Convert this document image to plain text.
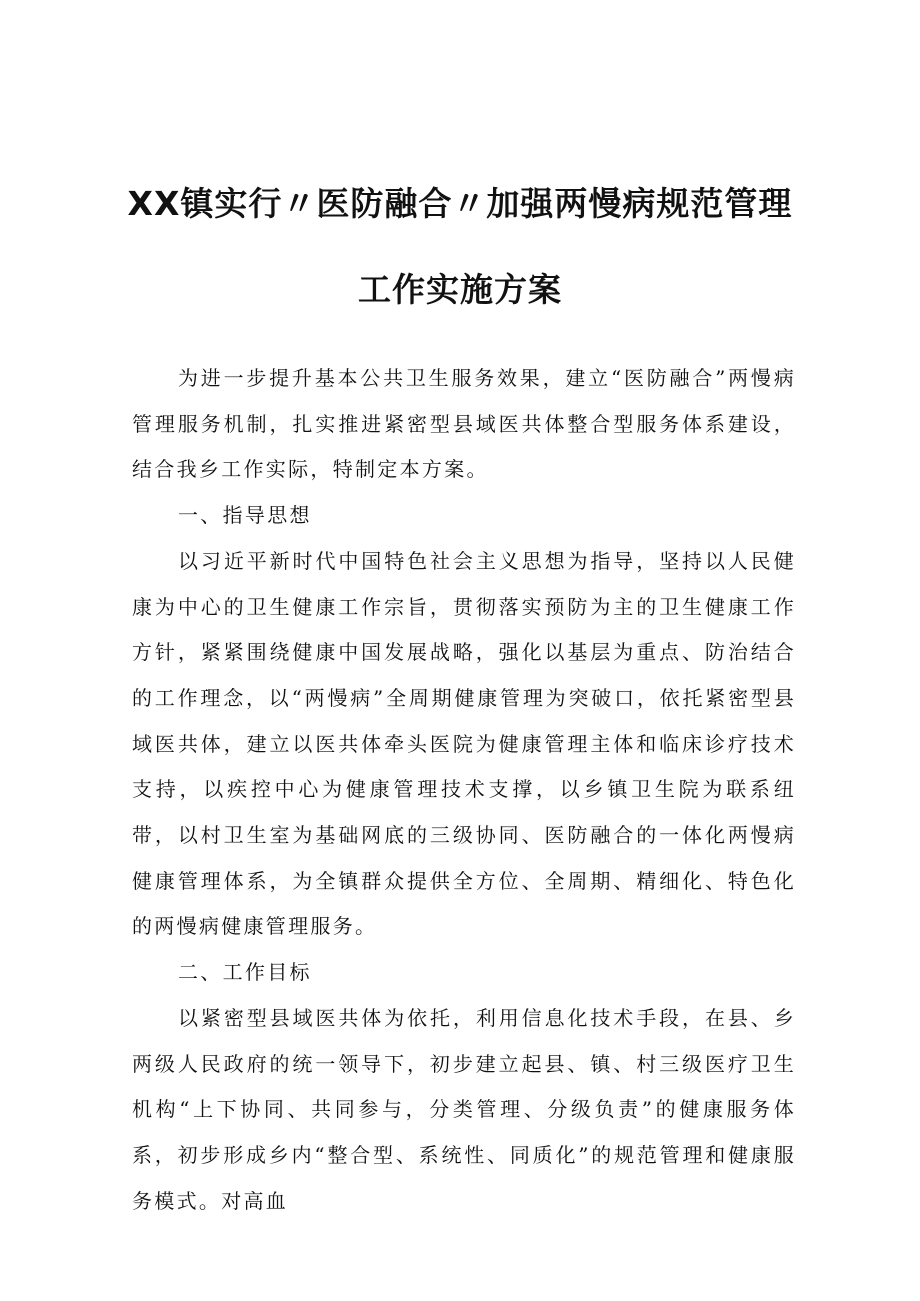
XX镇实行〃医防融合〃加强两慢病规范管理
工作实施方案

为进一步提升基本公共卫生服务效果，建立“医防融合”两慢病管理服务机制，扎实推进紧密型县域医共体整合型服务体系建设，结合我乡工作实际，特制定本方案。

一、指导思想

以习近平新时代中国特色社会主义思想为指导，坚持以人民健康为中心的卫生健康工作宗旨，贯彻落实预防为主的卫生健康工作方针，紧紧围绕健康中国发展战略，强化以基层为重点、防治结合的工作理念，以“两慢病”全周期健康管理为突破口，依托紧密型县域医共体，建立以医共体牵头医院为健康管理主体和临床诊疗技术支持，以疾控中心为健康管理技术支撑，以乡镇卫生院为联系纽带，以村卫生室为基础网底的三级协同、医防融合的一体化两慢病健康管理体系，为全镇群众提供全方位、全周期、精细化、特色化的两慢病健康管理服务。

二、工作目标

以紧密型县域医共体为依托，利用信息化技术手段，在县、乡两级人民政府的统一领导下，初步建立起县、镇、村三级医疗卫生机构“上下协同、共同参与，分类管理、分级负责”的健康服务体系，初步形成乡内“整合型、系统性、同质化”的规范管理和健康服务模式。对高血
